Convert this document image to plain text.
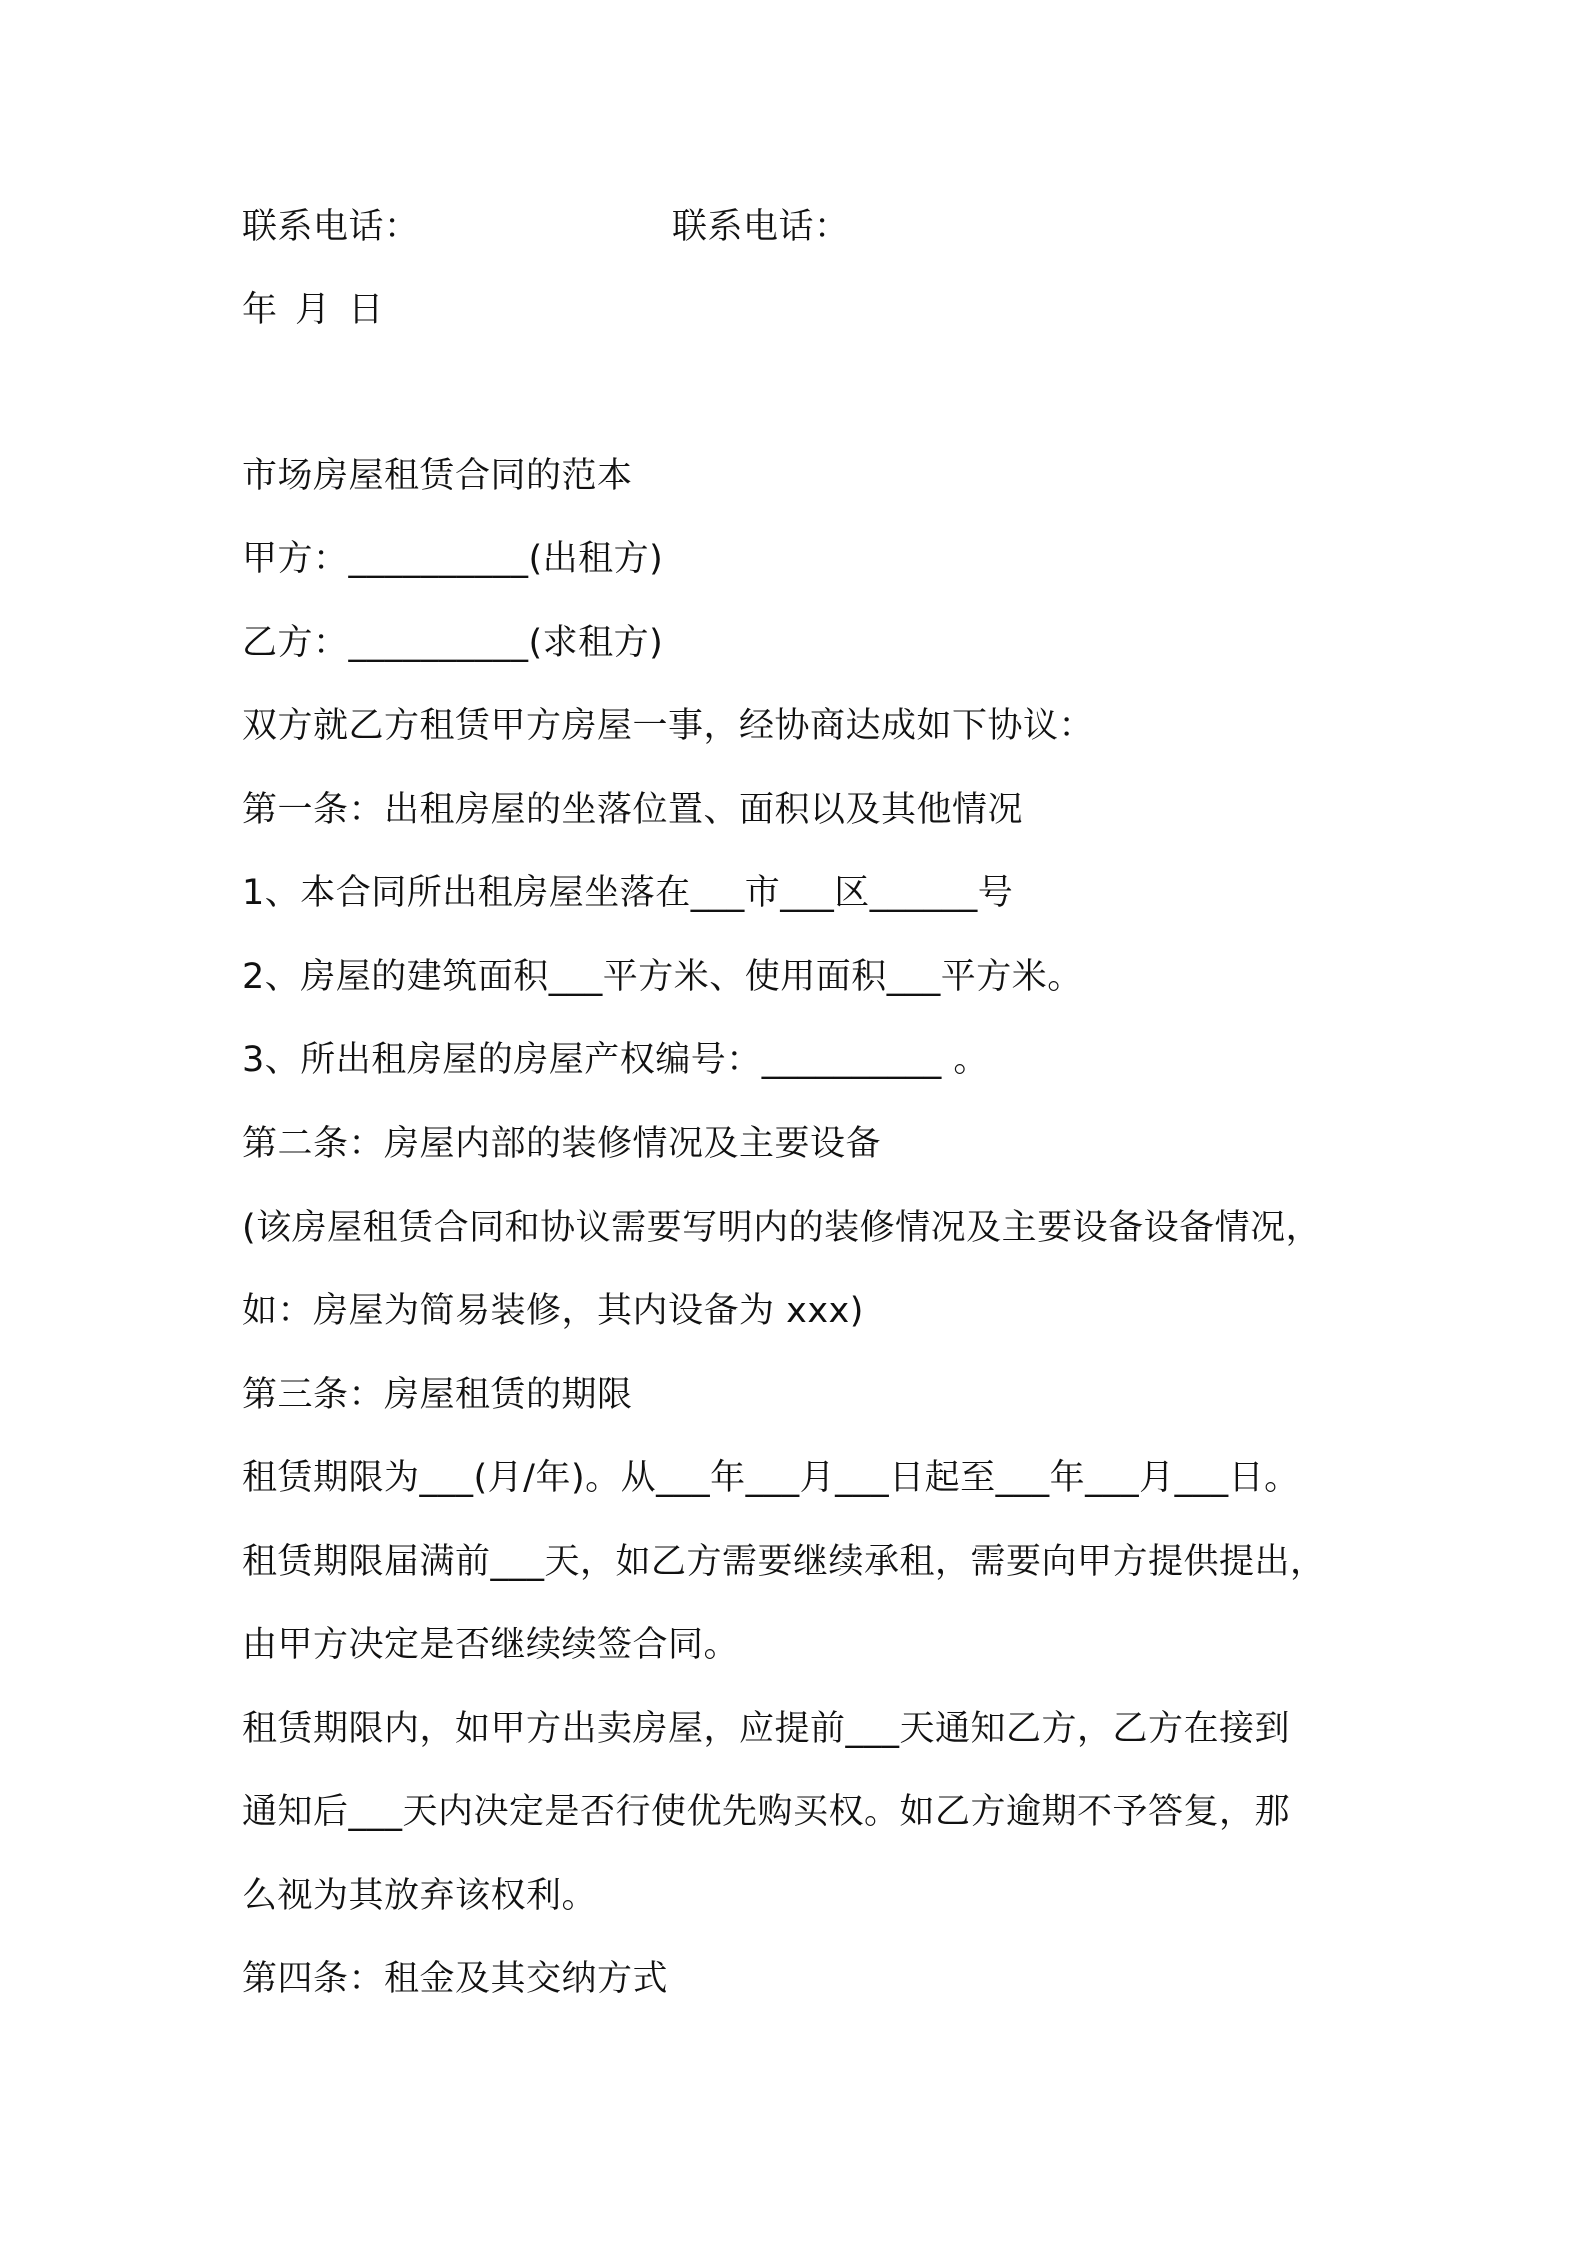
联系电话：	联系电话：
年 月 日
市场房屋租赁合同的范本
甲方：__________(出租方)
乙方：__________(求租方)
双方就乙方租赁甲方房屋一事，经协商达成如下协议：
第一条：出租房屋的坐落位置、面积以及其他情况
1、本合同所出租房屋坐落在___市___区______号
2、房屋的建筑面积___平方米、使用面积___平方米。
3、所出租房屋的房屋产权编号：__________ 。
第二条：房屋内部的装修情况及主要设备
(该房屋租赁合同和协议需要写明内的装修情况及主要设备设备情况，
如：房屋为简易装修，其内设备为 xxx)
第三条：房屋租赁的期限
租赁期限为___(月/年)。从___年___月___日起至___年___月___日。
租赁期限届满前___天，如乙方需要继续承租，需要向甲方提供提出，
由甲方决定是否继续续签合同。
租赁期限内，如甲方出卖房屋，应提前___天通知乙方，乙方在接到
通知后___天内决定是否行使优先购买权。如乙方逾期不予答复，那
么视为其放弃该权利。
第四条：租金及其交纳方式
